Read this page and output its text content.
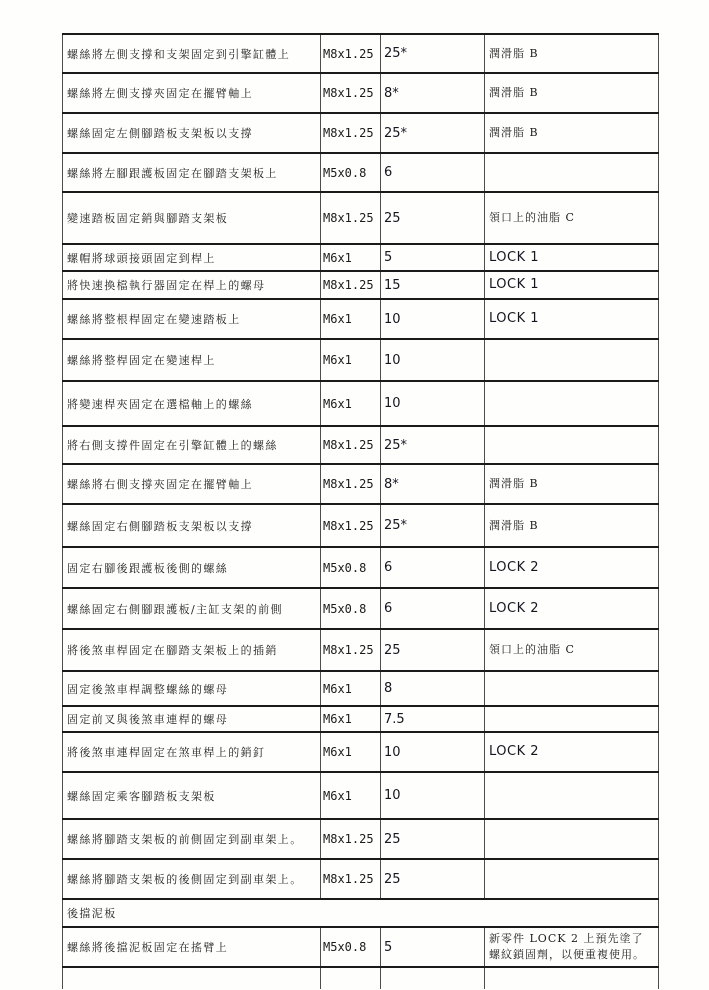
螺絲將左側支撐和支架固定到引擎缸體上	M8x1.25	25*	潤滑脂 B
螺絲將左側支撐夾固定在擺臂軸上	M8x1.25	8*	潤滑脂 B
螺絲固定左側腳踏板支架板以支撐	M8x1.25	25*	潤滑脂 B
螺絲將左腳跟護板固定在腳踏支架板上	M5x0.8	6	
變速踏板固定銷與腳踏支架板	M8x1.25	25	領口上的油脂 C
螺帽將球頭接頭固定到桿上	M6x1	5	LOCK 1
將快速換檔執行器固定在桿上的螺母	M8x1.25	15	LOCK 1
螺絲將整根桿固定在變速踏板上	M6x1	10	LOCK 1
螺絲將整桿固定在變速桿上	M6x1	10	
將變速桿夾固定在選檔軸上的螺絲	M6x1	10	
將右側支撐件固定在引擎缸體上的螺絲	M8x1.25	25*	
螺絲將右側支撐夾固定在擺臂軸上	M8x1.25	8*	潤滑脂 B
螺絲固定右側腳踏板支架板以支撐	M8x1.25	25*	潤滑脂 B
固定右腳後跟護板後側的螺絲	M5x0.8	6	LOCK 2
螺絲固定右側腳跟護板/主缸支架的前側	M5x0.8	6	LOCK 2
將後煞車桿固定在腳踏支架板上的插銷	M8x1.25	25	領口上的油脂 C
固定後煞車桿調整螺絲的螺母	M6x1	8	
固定前叉與後煞車連桿的螺母	M6x1	7.5	
將後煞車連桿固定在煞車桿上的銷釘	M6x1	10	LOCK 2
螺絲固定乘客腳踏板支架板	M6x1	10	
螺絲將腳踏支架板的前側固定到副車架上。	M8x1.25	25	
螺絲將腳踏支架板的後側固定到副車架上。	M8x1.25	25	
後擋泥板			
螺絲將後擋泥板固定在搖臂上	M5x0.8	5	新零件 LOCK 2 上預先塗了螺紋鎖固劑，以便重複使用。
